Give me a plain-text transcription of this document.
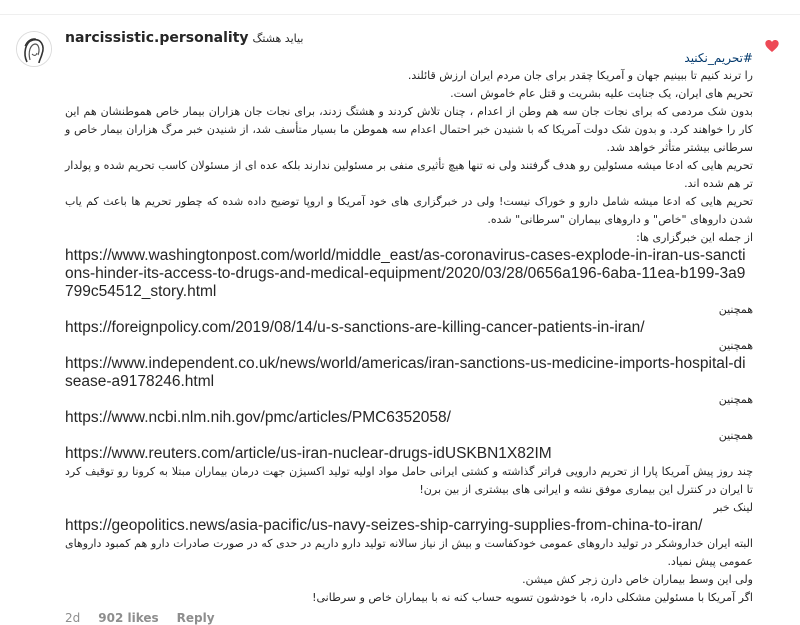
narcissistic.personality بیاید هشتگ
#تحریم_نکنید

را ترند کنیم تا ببینیم جهان و آمریکا چقدر برای جان مردم ایران ارزش قائلند.

تحریم های ایران، یک جنایت علیه بشریت و قتل عام خاموش است.

بدون شک مردمی که برای نجات جان سه هم وطن از اعدام ، چنان تلاش کردند و هشتگ زدند، برای نجات جان هزاران بیمار خاص هموطنشان هم این کار را خواهند کرد. و بدون شک دولت آمریکا که با شنیدن خبر احتمال اعدام سه هموطن ما بسیار متأسف شد، از شنیدن خبر مرگ هزاران بیمار خاص و سرطانی بیشتر متأثر خواهد شد.

تحریم هایی که ادعا میشه مسئولین رو هدف گرفتند ولی نه تنها هیچ تأثیری منفی بر مسئولین ندارند بلکه عده ای از مسئولان کاسب تحریم شده و پولدار تر هم شده اند.

تحریم هایی که ادعا میشه شامل دارو و خوراک نیست! ولی در خبرگزاری های خود آمریکا و اروپا توضیح داده شده که چطور تحریم ها باعث کم یاب شدن داروهای "خاص" و داروهای بیماران "سرطانی" شده.

از جمله این خبرگزاری ها:

https://www.washingtonpost.com/world/middle_east/as-coronavirus-cases-explode-in-iran-us-sanctions-hinder-its-access-to-drugs-and-medical-equipment/2020/03/28/0656a196-6aba-11ea-b199-3a9799c54512_story.html

همچنین

https://foreignpolicy.com/2019/08/14/u-s-sanctions-are-killing-cancer-patients-in-iran/

همچنین

https://www.independent.co.uk/news/world/americas/iran-sanctions-us-medicine-imports-hospital-disease-a9178246.html

همچنین

https://www.ncbi.nlm.nih.gov/pmc/articles/PMC6352058/

همچنین

https://www.reuters.com/article/us-iran-nuclear-drugs-idUSKBN1X82IM

چند روز پیش آمریکا پارا از تحریم دارویی فراتر گذاشته و کشتی ایرانی حامل مواد اولیه تولید اکسیژن جهت درمان بیماران مبتلا به کرونا رو توقیف کرد تا ایران در کنترل این بیماری موفق نشه و ایرانی های بیشتری از بین برن!

لینک خبر

https://geopolitics.news/asia-pacific/us-navy-seizes-ship-carrying-supplies-from-china-to-iran/

البته ایران خداروشکر در تولید داروهای عمومی خودکفاست و بیش از نیاز سالانه تولید دارو داریم در حدی که در صورت صادرات دارو هم کمبود داروهای عمومی پیش نمیاد.

ولی این وسط بیماران خاص دارن زجر کش میشن.

اگر آمریکا با مسئولین مشکلی داره، با خودشون تسویه حساب کنه نه با بیماران خاص و سرطانی!

2d 902 likes Reply
